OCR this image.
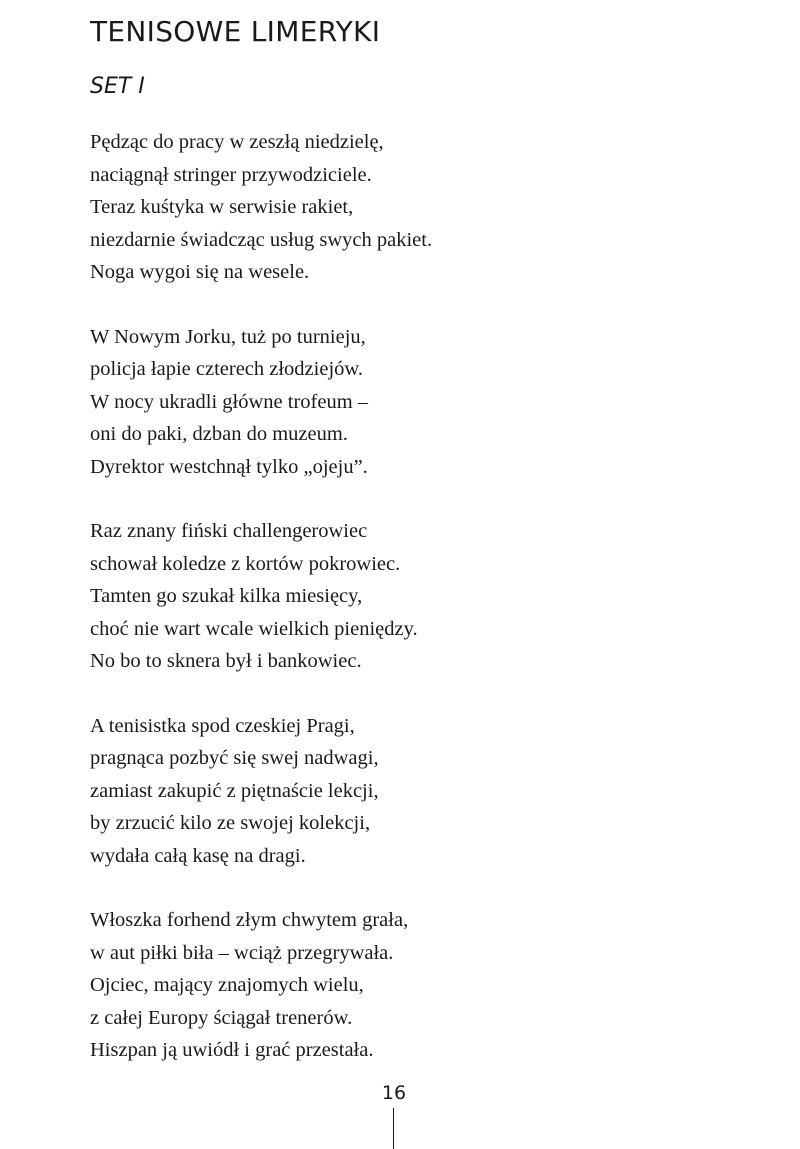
TENISOWE LIMERYKI
SET I
Pędząc do pracy w zeszłą niedzielę,
naciągnął stringer przywodziciele.
Teraz kuśtyka w serwisie rakiet,
niezdarnie świadcząc usług swych pakiet.
Noga wygoi się na wesele.
W Nowym Jorku, tuż po turnieju,
policja łapie czterech złodziejów.
W nocy ukradli główne trofeum –
oni do paki, dzban do muzeum.
Dyrektor westchnął tylko „ojeju”.
Raz znany fiński challengerowiec
schował koledze z kortów pokrowiec.
Tamten go szukał kilka miesięcy,
choć nie wart wcale wielkich pieniędzy.
No bo to sknera był i bankowiec.
A tenisistka spod czeskiej Pragi,
pragnąca pozbyć się swej nadwagi,
zamiast zakupić z piętnaście lekcji,
by zrzucić kilo ze swojej kolekcji,
wydała całą kasę na dragi.
Włoszka forhend złym chwytem grała,
w aut piłki biła – wciąż przegrywała.
Ojciec, mający znajomych wielu,
z całej Europy ściągał trenerów.
Hiszpan ją uwiódł i grać przestała.
16
